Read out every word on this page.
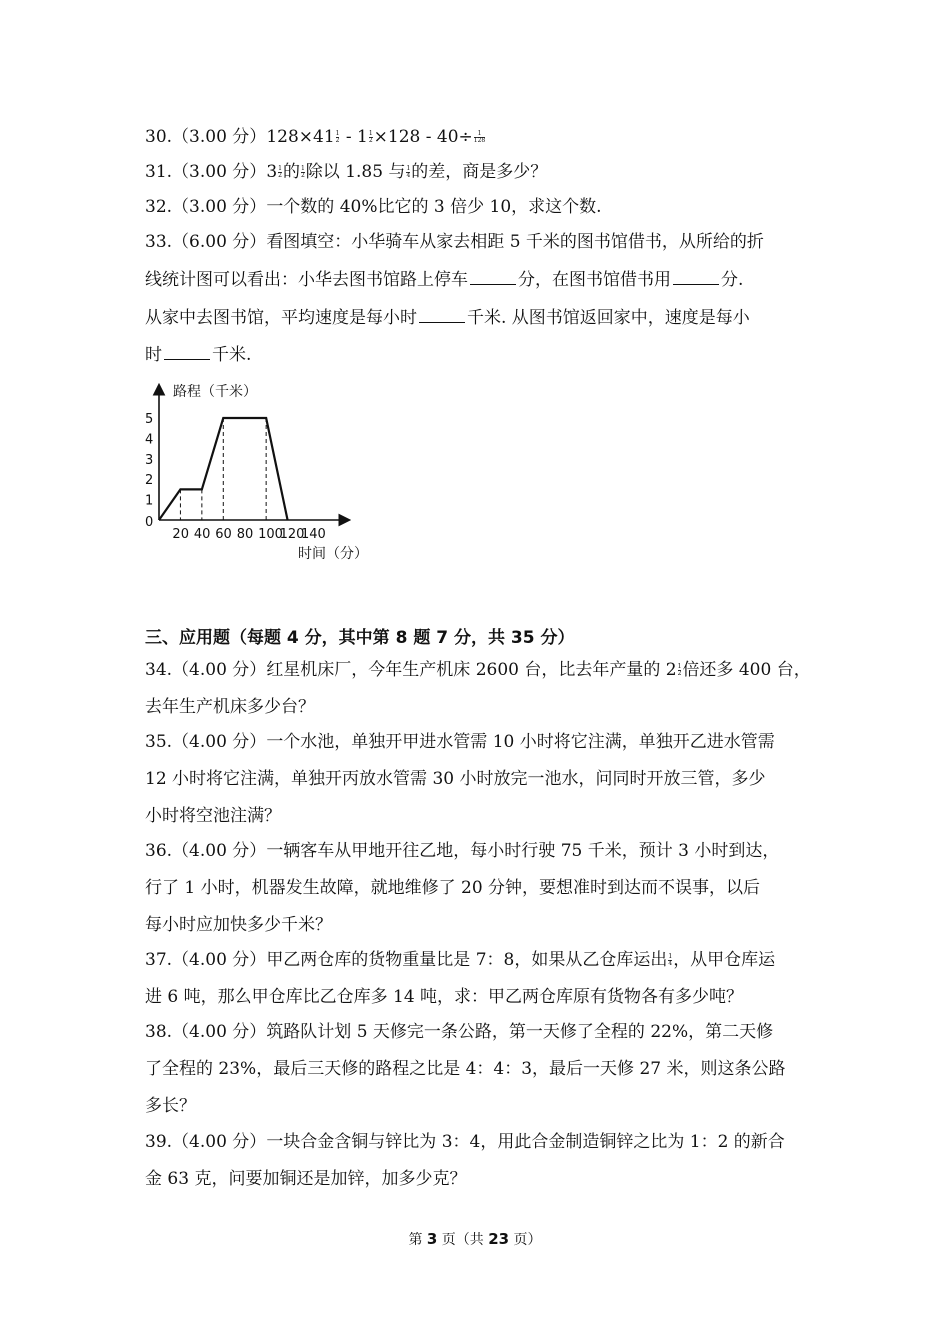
30.（3.00 分）$128\times 41 \frac{1}{2} - 1 \frac{1}{2} \times 128 - 40\div \frac{1}{128}$
31.（3.00 分）$3 \frac{1}{2}$ 的 $\frac{1}{2}$ 除以 1.85 与 $\frac{1}{4}$ 的差，商是多少？
32.（3.00 分）一个数的 40%比它的 3 倍少 10，求这个数.
33.（6.00 分）看图填空：小华骑车从家去相距 5 千米的图书馆借书，从所给的折
线统计图可以看出：小华去图书馆路上停车	分，在图书馆借书用	分.
从家中去图书馆，平均速度是每小时	千米. 从图书馆返回家中，速度是每小
时	千米.
路程（千米）
时间（分）
0
1
2
3
4
5
20 40 60 80 100
120
140
三、应用题（每题 4 分，其中第 8 题 7 分，共 35 分）
34.（4.00 分）红星机床厂，今年生产机床 2600 台，比去年产量的 $2 \frac{1}{2}$ 倍还多 400 台，
去年生产机床多少台？
35.（4.00 分）一个水池，单独开甲进水管需 10 小时将它注满，单独开乙进水管需
12 小时将它注满，单独开丙放水管需 30 小时放完一池水，问同时开放三管，多少
小时将空池注满？
36.（4.00 分）一辆客车从甲地开往乙地，每小时行驶 75 千米，预计 3 小时到达，
行了 1 小时，机器发生故障，就地维修了 20 分钟，要想准时到达而不误事，以后
每小时应加快多少千米？
37.（4.00 分）甲乙两仓库的货物重量比是 7：8，如果从乙仓库运出 $\frac{1}{4}$ ，从甲仓库运
进 6 吨，那么甲仓库比乙仓库多 14 吨，求：甲乙两仓库原有货物各有多少吨？
38.（4.00 分）筑路队计划 5 天修完一条公路，第一天修了全程的 22%，第二天修
了全程的 23%，最后三天修的路程之比是 4：4：3，最后一天修 27 米，则这条公路
多长？
39.（4.00 分）一块合金含铜与锌比为 3：4，用此合金制造铜锌之比为 1：2 的新合
金 63 克，问要加铜还是加锌，加多少克？
第 3 页（共 23 页）
